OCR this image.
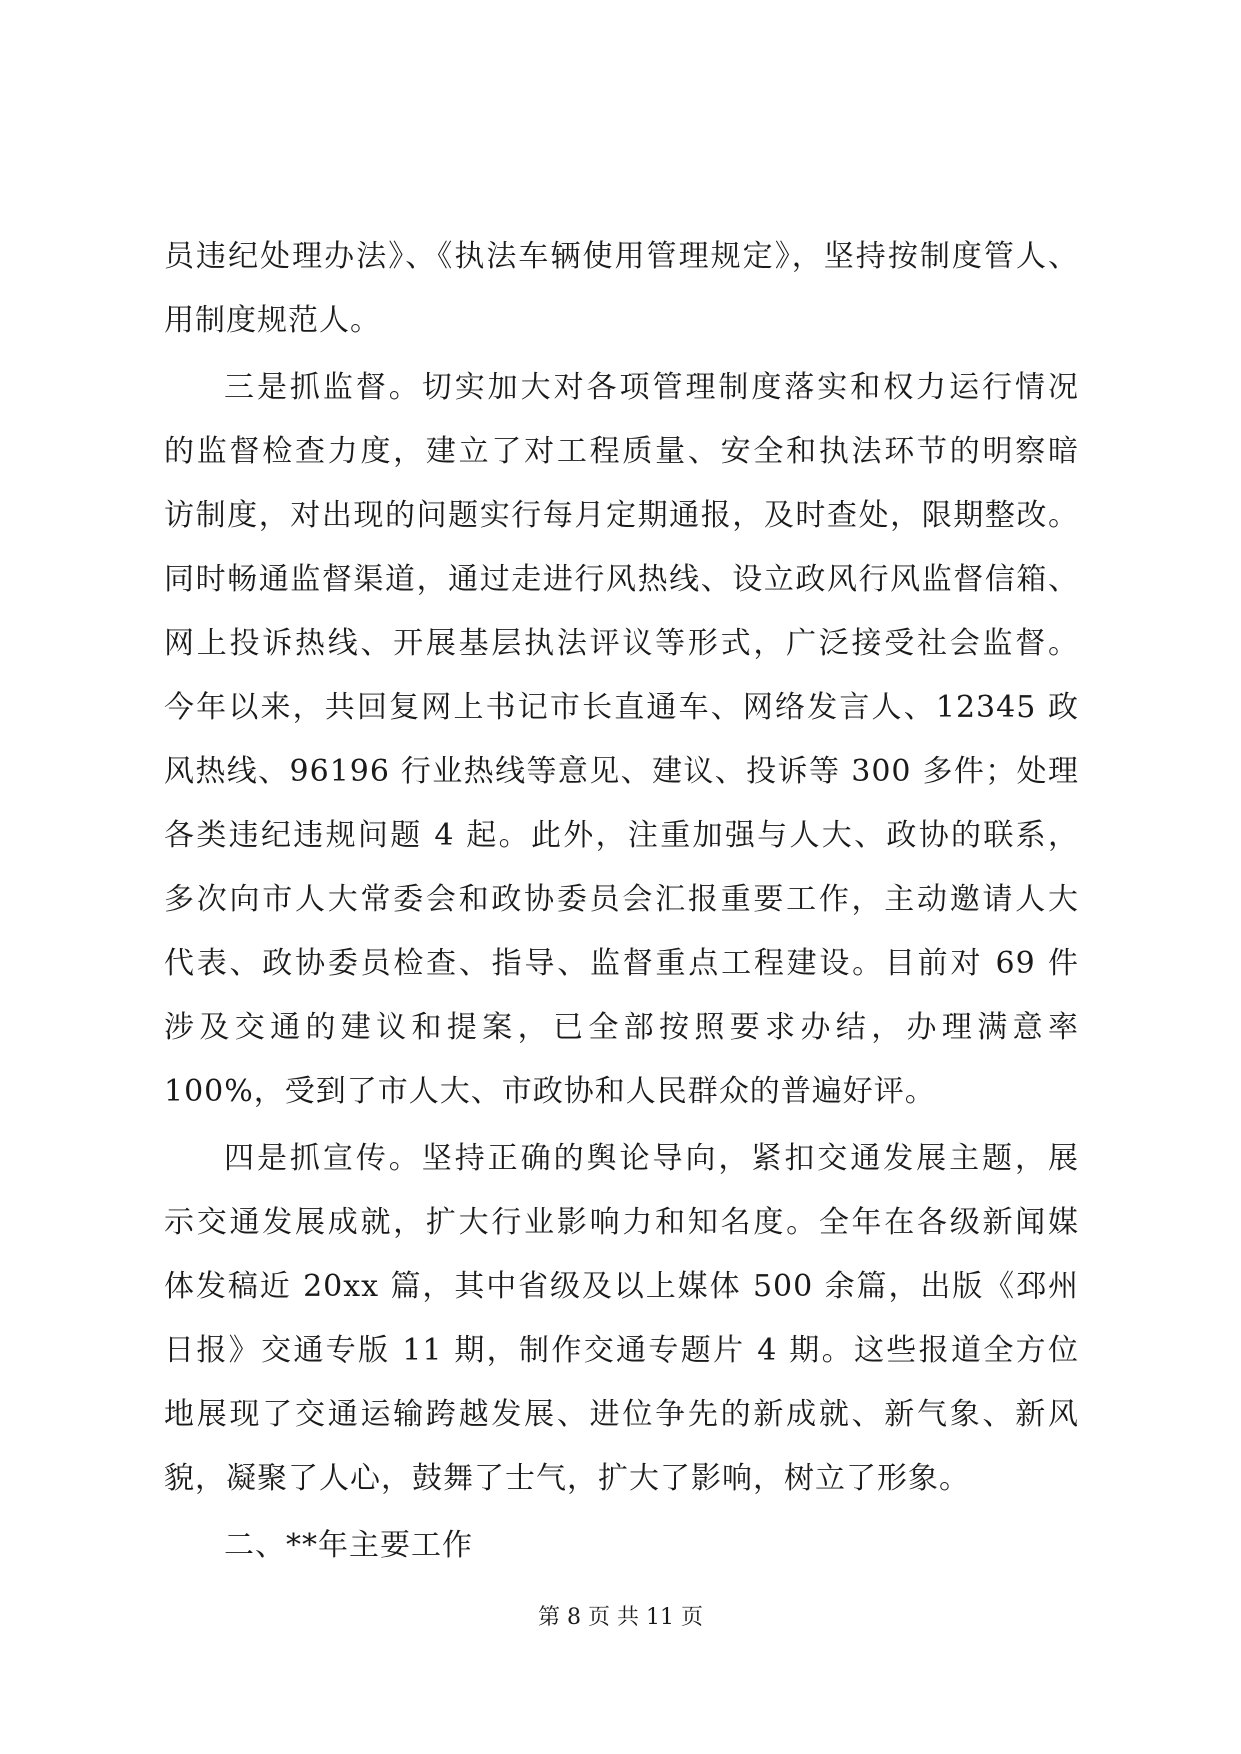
员违纪处理办法》、《执法车辆使用管理规定》，坚持按制度管人、
用制度规范人。
三是抓监督。切实加大对各项管理制度落实和权力运行情况
的监督检查力度，建立了对工程质量、安全和执法环节的明察暗
访制度，对出现的问题实行每月定期通报，及时查处，限期整改。
同时畅通监督渠道，通过走进行风热线、设立政风行风监督信箱、
网上投诉热线、开展基层执法评议等形式，广泛接受社会监督。
今年以来，共回复网上书记市长直通车、网络发言人、12345 政
风热线、96196 行业热线等意见、建议、投诉等 300 多件；处理
各类违纪违规问题 4 起。此外，注重加强与人大、政协的联系，
多次向市人大常委会和政协委员会汇报重要工作，主动邀请人大
代表、政协委员检查、指导、监督重点工程建设。目前对 69 件
涉及交通的建议和提案，已全部按照要求办结，办理满意率
100%，受到了市人大、市政协和人民群众的普遍好评。
四是抓宣传。坚持正确的舆论导向，紧扣交通发展主题，展
示交通发展成就，扩大行业影响力和知名度。全年在各级新闻媒
体发稿近 20xx 篇，其中省级及以上媒体 500 余篇，出版《邳州
日报》交通专版 11 期，制作交通专题片 4 期。这些报道全方位
地展现了交通运输跨越发展、进位争先的新成就、新气象、新风
貌，凝聚了人心，鼓舞了士气，扩大了影响，树立了形象。
二、**年主要工作
第 8 页 共 11 页
